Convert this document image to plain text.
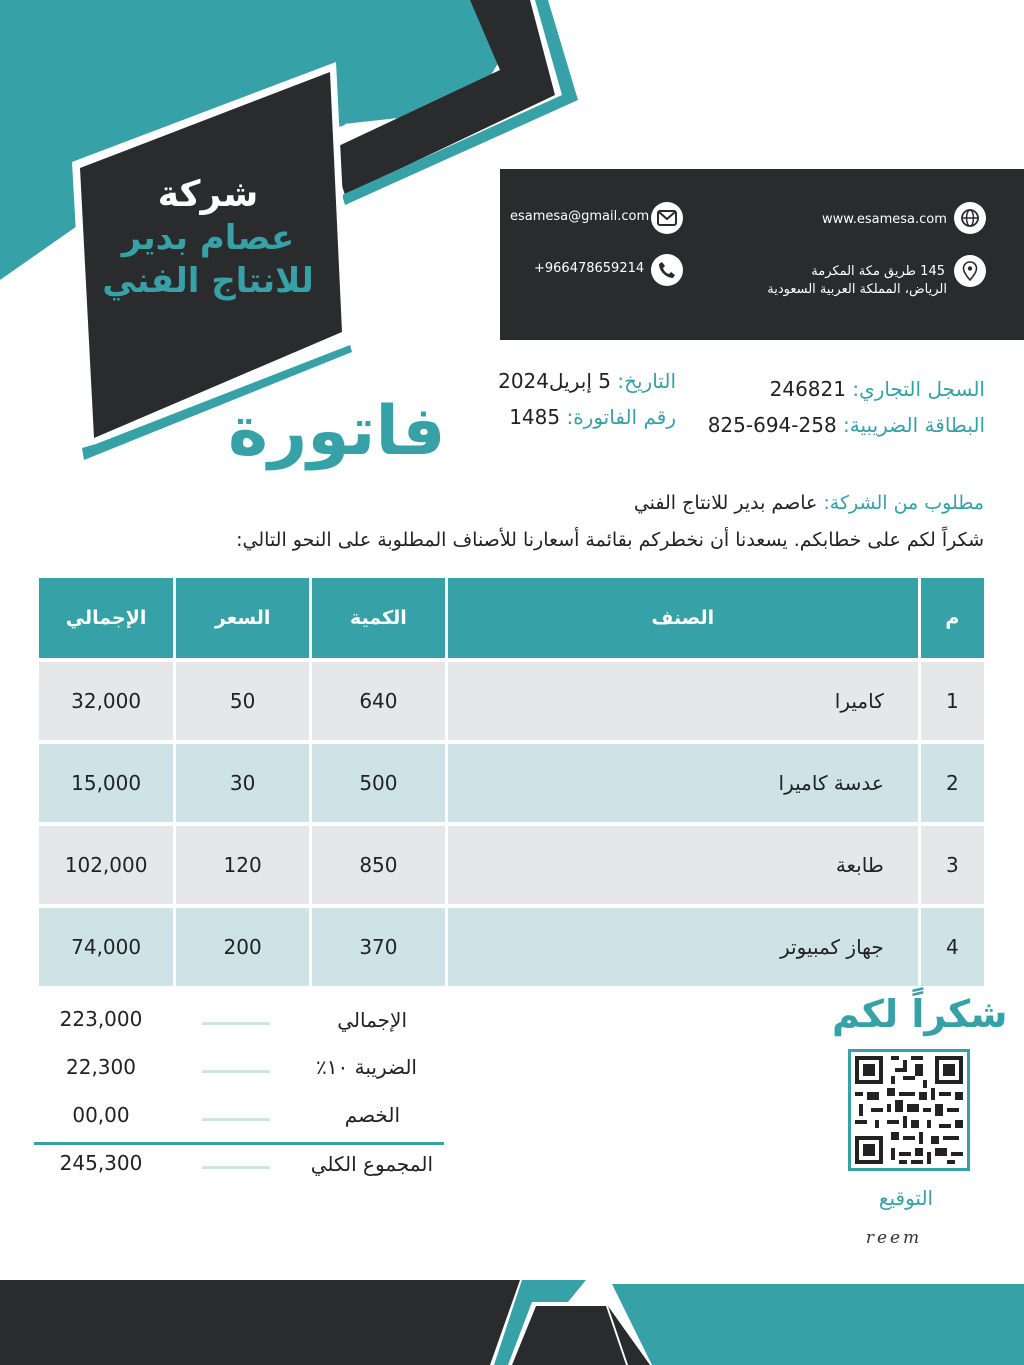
شركة
عصام بدير
للانتاج الفني
esamesa@gmail.com
+966478659214
www.esamesa.com
145 طريق مكة المكرمة
الرياض، المملكة العربية السعودية
السجل التجاري: 246821
البطاقة الضريبية: 258-694-825
التاريخ: 5 إبريل2024
رقم الفاتورة: 1485
فاتورة
مطلوب من الشركة: عاصم بدير للانتاج الفني
شكراً لكم على خطابكم. يسعدنا أن نخطركم بقائمة أسعارنا للأصناف المطلوبة على النحو التالي:
م	الصنف	الكمية	السعر	الإجمالي
1	كاميرا	640	50	32,000
2	عدسة كاميرا	500	30	15,000
3	طابعة	850	120	102,000
4	جهاز كمبيوتر	370	200	74,000
الإجمالي
223,000
الضريبة ١٠٪
22,300
الخصم
00,00
المجموع الكلي
245,300
شكراً لكم
التوقيع
reem
